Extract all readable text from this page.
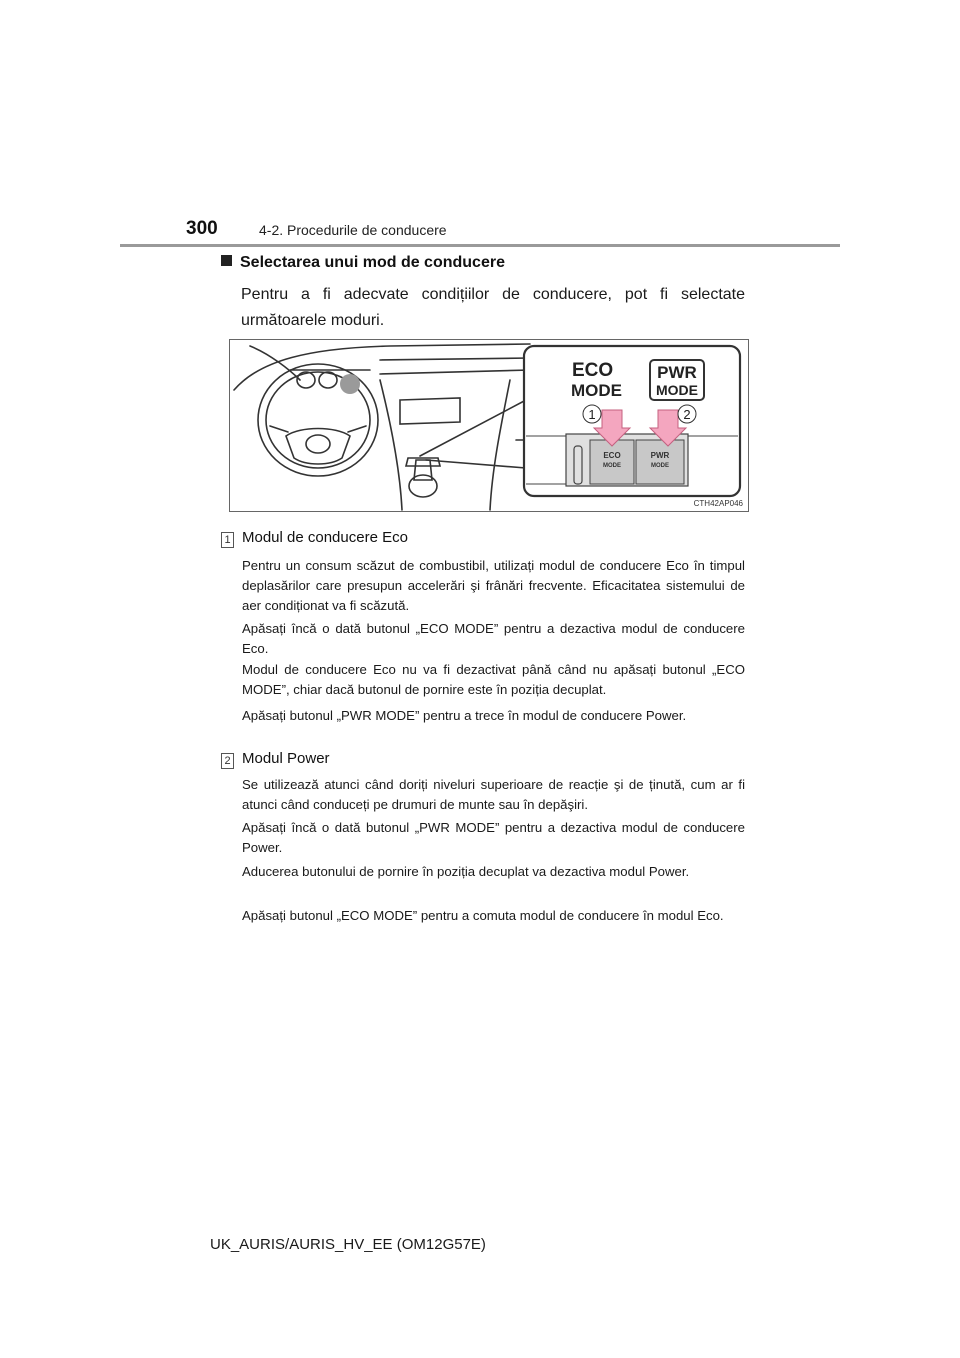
300	4-2. Procedurile de conducere
Selectarea unui mod de conducere
Pentru a fi adecvate condițiilor de conducere, pot fi selectate următoarele moduri.
1	2
ECO
MODE
PWR
MODE
ECO
MODE
PWR
MODE
CTH42AP046
1 Modul de conducere Eco
Pentru un consum scăzut de combustibil, utilizați modul de conducere Eco în timpul deplasărilor care presupun accelerări şi frânări frecvente. Eficacitatea sistemului de aer condiționat va fi scăzută.
Apăsați încă o dată butonul „ECO MODE” pentru a dezactiva modul de conducere Eco.
Modul de conducere Eco nu va fi dezactivat până când nu apăsați butonul „ECO MODE”, chiar dacă butonul de pornire este în poziția decuplat.
Apăsați butonul „PWR MODE” pentru a trece în modul de conducere Power.
2 Modul Power
Se utilizează atunci când doriți niveluri superioare de reacție şi de ținută, cum ar fi atunci când conduceți pe drumuri de munte sau în depăşiri.
Apăsați încă o dată butonul „PWR MODE” pentru a dezactiva modul de conducere Power.
Aducerea butonului de pornire în poziția decuplat va dezactiva modul Power.
Apăsați butonul „ECO MODE” pentru a comuta modul de conducere în modul Eco.
UK_AURIS/AURIS_HV_EE (OM12G57E)
